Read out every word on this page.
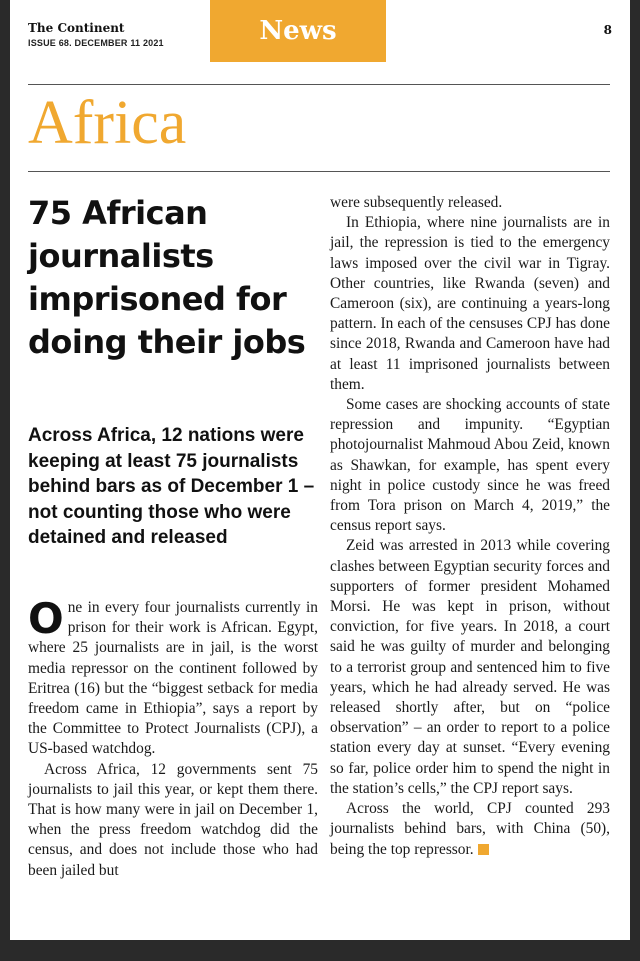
The Continent
ISSUE 68. DECEMBER 11 2021	News	8
Africa
75 African journalists imprisoned for doing their jobs
Across Africa, 12 nations were keeping at least 75 journalists behind bars as of December 1 – not counting those who were detained and released

One in every four journalists currently in prison for their work is African. Egypt, where 25 journalists are in jail, is the worst media repressor on the continent followed by Eritrea (16) but the “biggest setback for media freedom came in Ethiopia”, says a report by the Committee to Protect Journalists (CPJ), a US-based watchdog.

Across Africa, 12 governments sent 75 journalists to jail this year, or kept them there. That is how many were in jail on December 1, when the press freedom watchdog did the census, and does not include those who had been jailed but

were subsequently released.

In Ethiopia, where nine journalists are in jail, the repression is tied to the emergency laws imposed over the civil war in Tigray. Other countries, like Rwanda (seven) and Cameroon (six), are continuing a years-long pattern. In each of the censuses CPJ has done since 2018, Rwanda and Cameroon have had at least 11 imprisoned journalists between them.

Some cases are shocking accounts of state repression and impunity. “Egyptian photojournalist Mahmoud Abou Zeid, known as Shawkan, for example, has spent every night in police custody since he was freed from Tora prison on March 4, 2019,” the census report says.

Zeid was arrested in 2013 while covering clashes between Egyptian security forces and supporters of former president Mohamed Morsi. He was kept in prison, without conviction, for five years. In 2018, a court said he was guilty of murder and belonging to a terrorist group and sentenced him to five years, which he had already served. He was released shortly after, but on “police observation” – an order to report to a police station every day at sunset. “Every evening so far, police order him to spend the night in the station’s cells,” the CPJ report says.

Across the world, CPJ counted 293 journalists behind bars, with China (50), being the top repressor.
